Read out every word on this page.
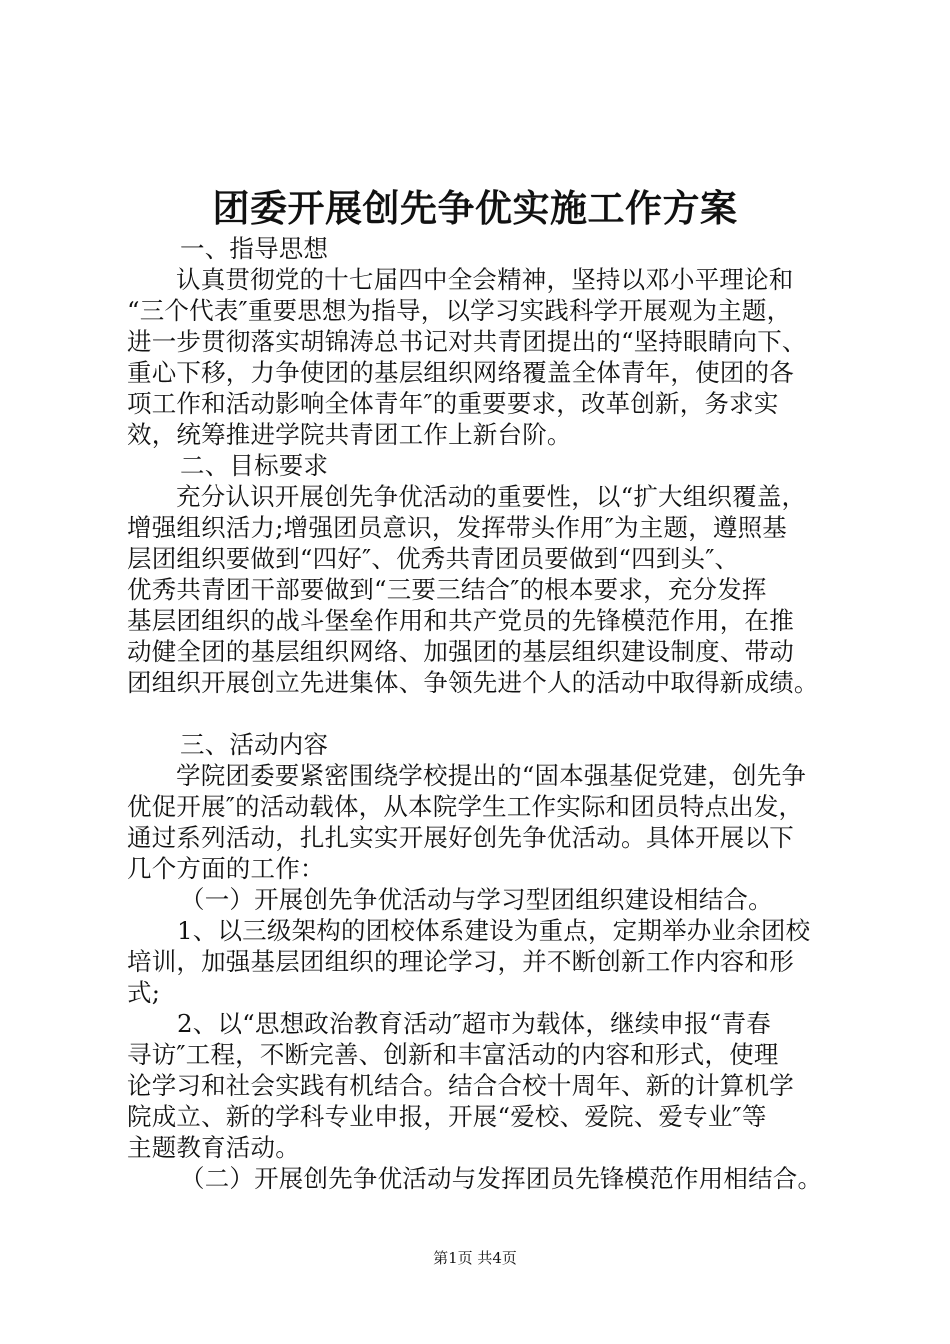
团委开展创先争优实施工作方案
一、指导思想
认真贯彻党的十七届四中全会精神，坚持以邓小平理论和
“三个代表″重要思想为指导，以学习实践科学开展观为主题，
进一步贯彻落实胡锦涛总书记对共青团提出的“坚持眼睛向下、
重心下移，力争使团的基层组织网络覆盖全体青年，使团的各
项工作和活动影响全体青年″的重要要求，改革创新，务求实
效，统筹推进学院共青团工作上新台阶。
二、目标要求
充分认识开展创先争优活动的重要性，以“扩大组织覆盖，
增强组织活力;增强团员意识，发挥带头作用″为主题，遵照基
层团组织要做到“四好″、优秀共青团员要做到“四到头″、
优秀共青团干部要做到“三要三结合″的根本要求，充分发挥
基层团组织的战斗堡垒作用和共产党员的先锋模范作用，在推
动健全团的基层组织网络、加强团的基层组织建设制度、带动
团组织开展创立先进集体、争领先进个人的活动中取得新成绩。
三、活动内容
学院团委要紧密围绕学校提出的“固本强基促党建，创先争
优促开展″的活动载体，从本院学生工作实际和团员特点出发，
通过系列活动，扎扎实实开展好创先争优活动。具体开展以下
几个方面的工作：
（一）开展创先争优活动与学习型团组织建设相结合。
1、以三级架构的团校体系建设为重点，定期举办业余团校
培训，加强基层团组织的理论学习，并不断创新工作内容和形
式;
2、以“思想政治教育活动″超市为载体，继续申报“青春
寻访″工程，不断完善、创新和丰富活动的内容和形式，使理
论学习和社会实践有机结合。结合合校十周年、新的计算机学
院成立、新的学科专业申报，开展“爱校、爱院、爱专业″等
主题教育活动。
（二）开展创先争优活动与发挥团员先锋模范作用相结合。
第1页 共4页
